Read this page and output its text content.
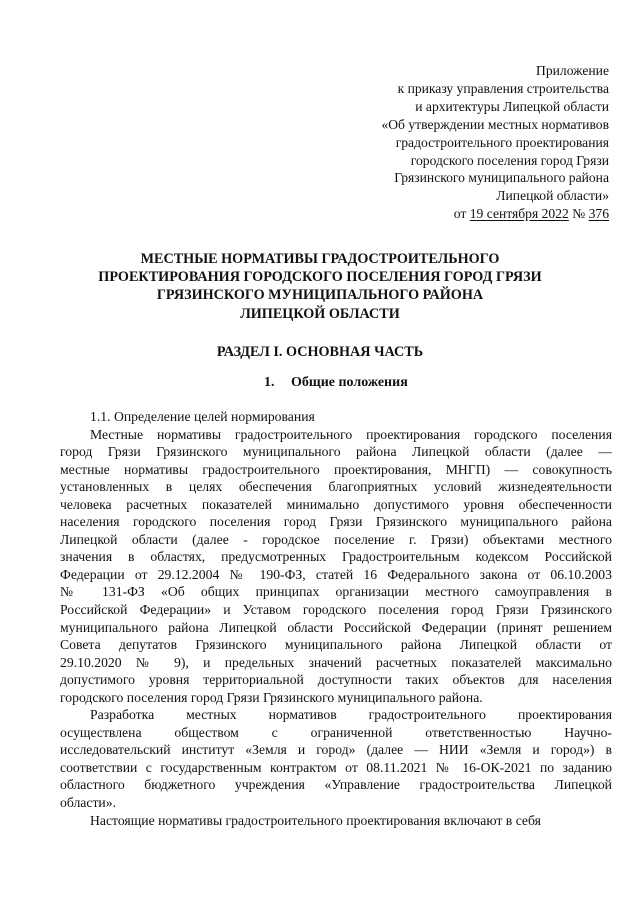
Приложение
к приказу управления строительства
и архитектуры Липецкой области
«Об утверждении местных нормативов
градостроительного проектирования
городского поселения город Грязи
Грязинского муниципального района
Липецкой области»
от 19 сентября 2022 № 376
МЕСТНЫЕ НОРМАТИВЫ ГРАДОСТРОИТЕЛЬНОГО
ПРОЕКТИРОВАНИЯ ГОРОДСКОГО ПОСЕЛЕНИЯ ГОРОД ГРЯЗИ
ГРЯЗИНСКОГО МУНИЦИПАЛЬНОГО РАЙОНА
ЛИПЕЦКОЙ ОБЛАСТИ
РАЗДЕЛ I. ОСНОВНАЯ ЧАСТЬ
1. Общие положения
1.1. Определение целей нормирования
Местные нормативы градостроительного проектирования городского поселения
город Грязи Грязинского муниципального района Липецкой области (далее —
местные нормативы градостроительного проектирования, МНГП) — совокупность
установленных в целях обеспечения благоприятных условий жизнедеятельности
человека расчетных показателей минимально допустимого уровня обеспеченности
населения городского поселения город Грязи Грязинского муниципального района
Липецкой области (далее - городское поселение г. Грязи) объектами местного
значения в областях, предусмотренных Градостроительным кодексом Российской
Федерации от 29.12.2004 № 190-ФЗ, статей 16 Федерального закона от 06.10.2003
№ 131-ФЗ «Об общих принципах организации местного самоуправления в
Российской Федерации» и Уставом городского поселения город Грязи Грязинского
муниципального района Липецкой области Российской Федерации (принят решением
Совета депутатов Грязинского муниципального района Липецкой области от
29.10.2020 № 9), и предельных значений расчетных показателей максимально
допустимого уровня территориальной доступности таких объектов для населения
городского поселения город Грязи Грязинского муниципального района.
Разработка местных нормативов градостроительного проектирования
осуществлена обществом с ограниченной ответственностью Научно-
исследовательский институт «Земля и город» (далее — НИИ «Земля и город») в
соответствии с государственным контрактом от 08.11.2021 № 16-ОК-2021 по заданию
областного бюджетного учреждения «Управление градостроительства Липецкой
области».
Настоящие нормативы градостроительного проектирования включают в себя
